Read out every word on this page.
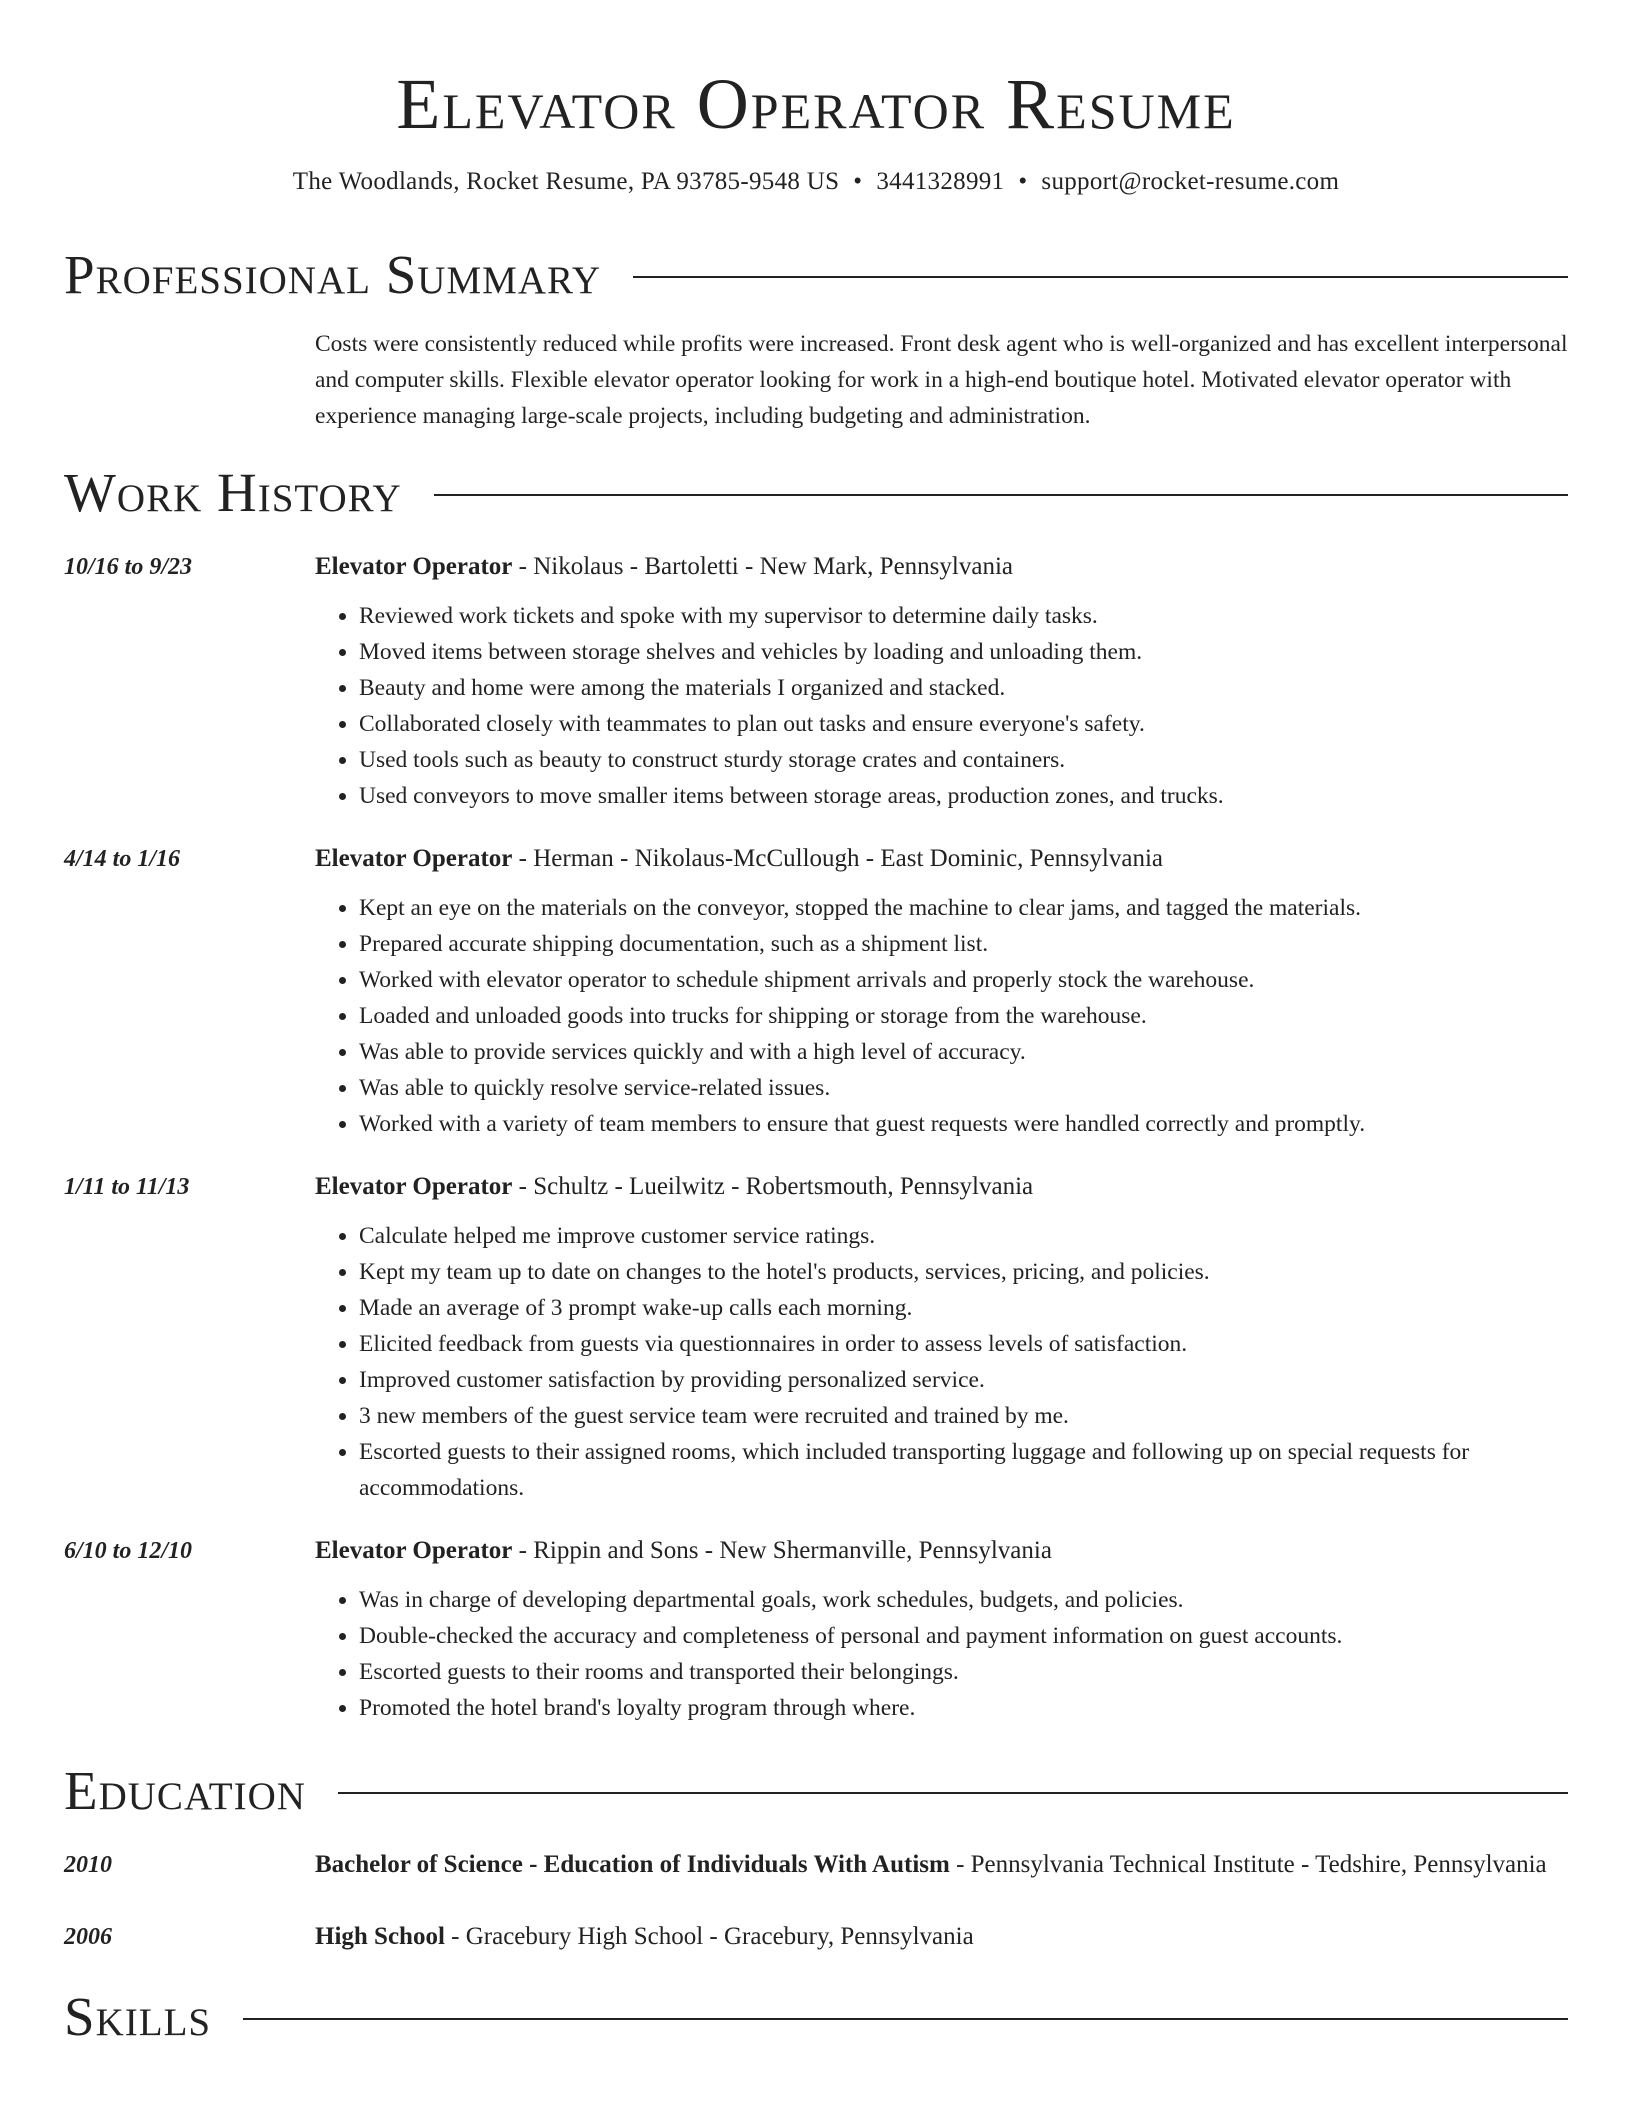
Elevator Operator Resume
The Woodlands, Rocket Resume, PA 93785-9548 US • 3441328991 • support@rocket-resume.com
Professional Summary
Costs were consistently reduced while profits were increased. Front desk agent who is well-organized and has excellent interpersonal and computer skills. Flexible elevator operator looking for work in a high-end boutique hotel. Motivated elevator operator with experience managing large-scale projects, including budgeting and administration.
Work History
10/16 to 9/23	Elevator Operator - Nikolaus - Bartoletti - New Mark, Pennsylvania
• Reviewed work tickets and spoke with my supervisor to determine daily tasks.
• Moved items between storage shelves and vehicles by loading and unloading them.
• Beauty and home were among the materials I organized and stacked.
• Collaborated closely with teammates to plan out tasks and ensure everyone's safety.
• Used tools such as beauty to construct sturdy storage crates and containers.
• Used conveyors to move smaller items between storage areas, production zones, and trucks.
4/14 to 1/16	Elevator Operator - Herman - Nikolaus-McCullough - East Dominic, Pennsylvania
• Kept an eye on the materials on the conveyor, stopped the machine to clear jams, and tagged the materials.
• Prepared accurate shipping documentation, such as a shipment list.
• Worked with elevator operator to schedule shipment arrivals and properly stock the warehouse.
• Loaded and unloaded goods into trucks for shipping or storage from the warehouse.
• Was able to provide services quickly and with a high level of accuracy.
• Was able to quickly resolve service-related issues.
• Worked with a variety of team members to ensure that guest requests were handled correctly and promptly.
1/11 to 11/13	Elevator Operator - Schultz - Lueilwitz - Robertsmouth, Pennsylvania
• Calculate helped me improve customer service ratings.
• Kept my team up to date on changes to the hotel's products, services, pricing, and policies.
• Made an average of 3 prompt wake-up calls each morning.
• Elicited feedback from guests via questionnaires in order to assess levels of satisfaction.
• Improved customer satisfaction by providing personalized service.
• 3 new members of the guest service team were recruited and trained by me.
• Escorted guests to their assigned rooms, which included transporting luggage and following up on special requests for accommodations.
6/10 to 12/10	Elevator Operator - Rippin and Sons - New Shermanville, Pennsylvania
• Was in charge of developing departmental goals, work schedules, budgets, and policies.
• Double-checked the accuracy and completeness of personal and payment information on guest accounts.
• Escorted guests to their rooms and transported their belongings.
• Promoted the hotel brand's loyalty program through where.
Education
2010	Bachelor of Science - Education of Individuals With Autism - Pennsylvania Technical Institute - Tedshire, Pennsylvania
2006	High School - Gracebury High School - Gracebury, Pennsylvania
Skills
